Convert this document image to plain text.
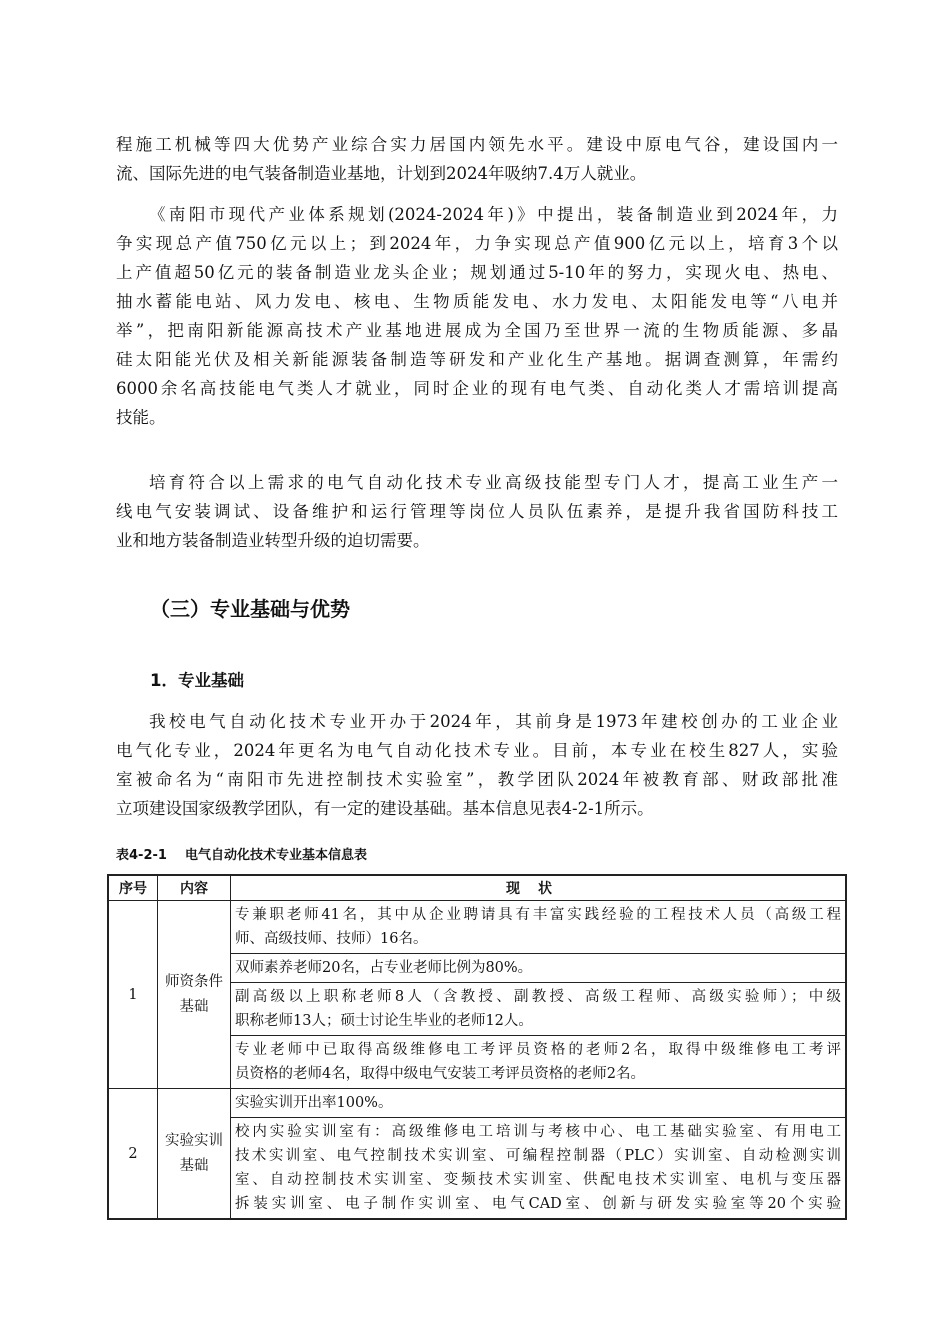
程施工机械等四大优势产业综合实力居国内领先水平。建设中原电气谷，建设国内一
流、国际先进的电气装备制造业基地，计划到2024年吸纳7.4万人就业。
《南阳市现代产业体系规划(2024-2024年)》中提出，装备制造业到2024年，力
争实现总产值750亿元以上；到2024年，力争实现总产值900亿元以上，培育3个以
上产值超50亿元的装备制造业龙头企业；规划通过5-10年的努力，实现火电、热电、
抽水蓄能电站、风力发电、核电、生物质能发电、水力发电、太阳能发电等“八电并
举”，把南阳新能源高技术产业基地进展成为全国乃至世界一流的生物质能源、多晶
硅太阳能光伏及相关新能源装备制造等研发和产业化生产基地。据调查测算，年需约
6000余名高技能电气类人才就业，同时企业的现有电气类、自动化类人才需培训提高
技能。
培育符合以上需求的电气自动化技术专业高级技能型专门人才，提高工业生产一
线电气安装调试、设备维护和运行管理等岗位人员队伍素养，是提升我省国防科技工
业和地方装备制造业转型升级的迫切需要。
（三）专业基础与优势
1．专业基础
我校电气自动化技术专业开办于2024年，其前身是1973年建校创办的工业企业
电气化专业，2024年更名为电气自动化技术专业。目前，本专业在校生827人，实验
室被命名为“南阳市先进控制技术实验室”，教学团队2024年被教育部、财政部批准
立项建设国家级教学团队，有一定的建设基础。基本信息见表4-2-1所示。

表4-2-1 电气自动化技术专业基本信息表

序号	内容	现状
1	师资条件基础	专兼职老师41名，其中从企业聘请具有丰富实践经验的工程技术人员（高级工程
师、高级技师、技师）16名。

		双师素养老师20名，占专业老师比例为80%。

		副高级以上职称老师8人（含教授、副教授、高级工程师、高级实验师）；中级
职称老师13人；硕士讨论生毕业的老师12人。

		专业老师中已取得高级维修电工考评员资格的老师2名，取得中级维修电工考评
员资格的老师4名，取得中级电气安装工考评员资格的老师2名。

2	实验实训基础	实验实训开出率100%。

		校内实验实训室有：高级维修电工培训与考核中心、电工基础实验室、有用电工
技术实训室、电气控制技术实训室、可编程控制器（PLC）实训室、自动检测实训
室、自动控制技术实训室、变频技术实训室、供配电技术实训室、电机与变压器
拆装实训室、电子制作实训室、电气CAD室、创新与研发实验室等20个实验
